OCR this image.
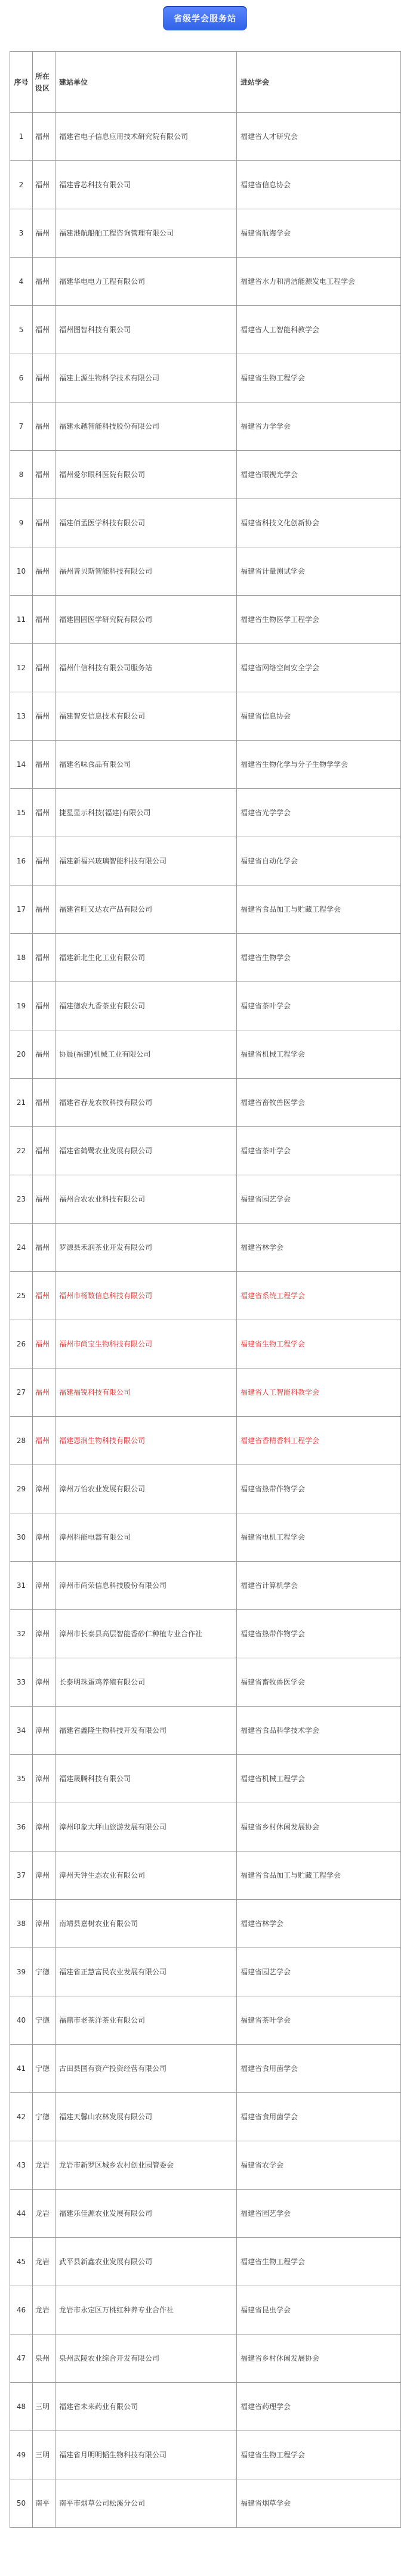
省级学会服务站
序号	所在设区	建站单位	进站学会
1	福州	福建省电子信息应用技术研究院有限公司	福建省人才研究会
2	福州	福建睿芯科技有限公司	福建省信息协会
3	福州	福建港航船舶工程咨询管理有限公司	福建省航海学会
4	福州	福建华电电力工程有限公司	福建省水力和清洁能源发电工程学会
5	福州	福州图智科技有限公司	福建省人工智能科教学会
6	福州	福建上源生物科学技术有限公司	福建省生物工程学会
7	福州	福建永越智能科技股份有限公司	福建省力学学会
8	福州	福州爱尔眼科医院有限公司	福建省眼视光学会
9	福州	福建佰孟医学科技有限公司	福建省科技文化创新协会
10	福州	福州普贝斯智能科技有限公司	福建省计量测试学会
11	福州	福建固固医学研究院有限公司	福建省生物医学工程学会
12	福州	福州什信科技有限公司服务站	福建省网络空间安全学会
13	福州	福建智安信息技术有限公司	福建省信息协会
14	福州	福建名味食品有限公司	福建省生物化学与分子生物学学会
15	福州	捷星显示科技(福建)有限公司	福建省光学学会
16	福州	福建新福兴玻璃智能科技有限公司	福建省自动化学会
17	福州	福建省旺又达农产品有限公司	福建省食品加工与贮藏工程学会
18	福州	福建新北生化工业有限公司	福建省生物学会
19	福州	福建德农九香茶业有限公司	福建省茶叶学会
20	福州	协晨(福建)机械工业有限公司	福建省机械工程学会
21	福州	福建省春龙农牧科技有限公司	福建省畜牧兽医学会
22	福州	福建省鹤鹭农业发展有限公司	福建省茶叶学会
23	福州	福州合农农业科技有限公司	福建省园艺学会
24	福州	罗源县禾润茶业开发有限公司	福建省林学会
25	福州	福州市杨数信息科技有限公司	福建省系统工程学会
26	福州	福州市尚宝生物科技有限公司	福建省生物工程学会
27	福州	福建福锐科技有限公司	福建省人工智能科教学会
28	福州	福建恩润生物科技有限公司	福建省香精香料工程学会
29	漳州	漳州万怡农业发展有限公司	福建省热带作物学会
30	漳州	漳州科能电器有限公司	福建省电机工程学会
31	漳州	漳州市尚荣信息科技股份有限公司	福建省计算机学会
32	漳州	漳州市长泰县高层智能香砂仁种植专业合作社	福建省热带作物学会
33	漳州	长泰明珠蛋鸡养殖有限公司	福建省畜牧兽医学会
34	漳州	福建省鑫隆生物科技开发有限公司	福建省食品科学技术学会
35	漳州	福建晟腾科技有限公司	福建省机械工程学会
36	漳州	漳州印象大坪山旅游发展有限公司	福建省乡村休闲发展协会
37	漳州	漳州天钟生态农业有限公司	福建省食品加工与贮藏工程学会
38	漳州	南靖县嘉树农业有限公司	福建省林学会
39	宁德	福建省正慧富民农业发展有限公司	福建省园艺学会
40	宁德	福鼎市老茶洋茶业有限公司	福建省茶叶学会
41	宁德	古田县国有资产投资经营有限公司	福建省食用菌学会
42	宁德	福建天馨山农林发展有限公司	福建省食用菌学会
43	龙岩	龙岩市新罗区城乡农村创业园管委会	福建省农学会
44	龙岩	福建乐佳源农业发展有限公司	福建省园艺学会
45	龙岩	武平县新鑫农业发展有限公司	福建省生物工程学会
46	龙岩	龙岩市永定区万桃红种养专业合作社	福建省昆虫学会
47	泉州	泉州武陵农业综合开发有限公司	福建省乡村休闲发展协会
48	三明	福建省未来药业有限公司	福建省药理学会
49	三明	福建省月明明韬生物科技有限公司	福建省生物工程学会
50	南平	南平市烟草公司松溪分公司	福建省烟草学会
